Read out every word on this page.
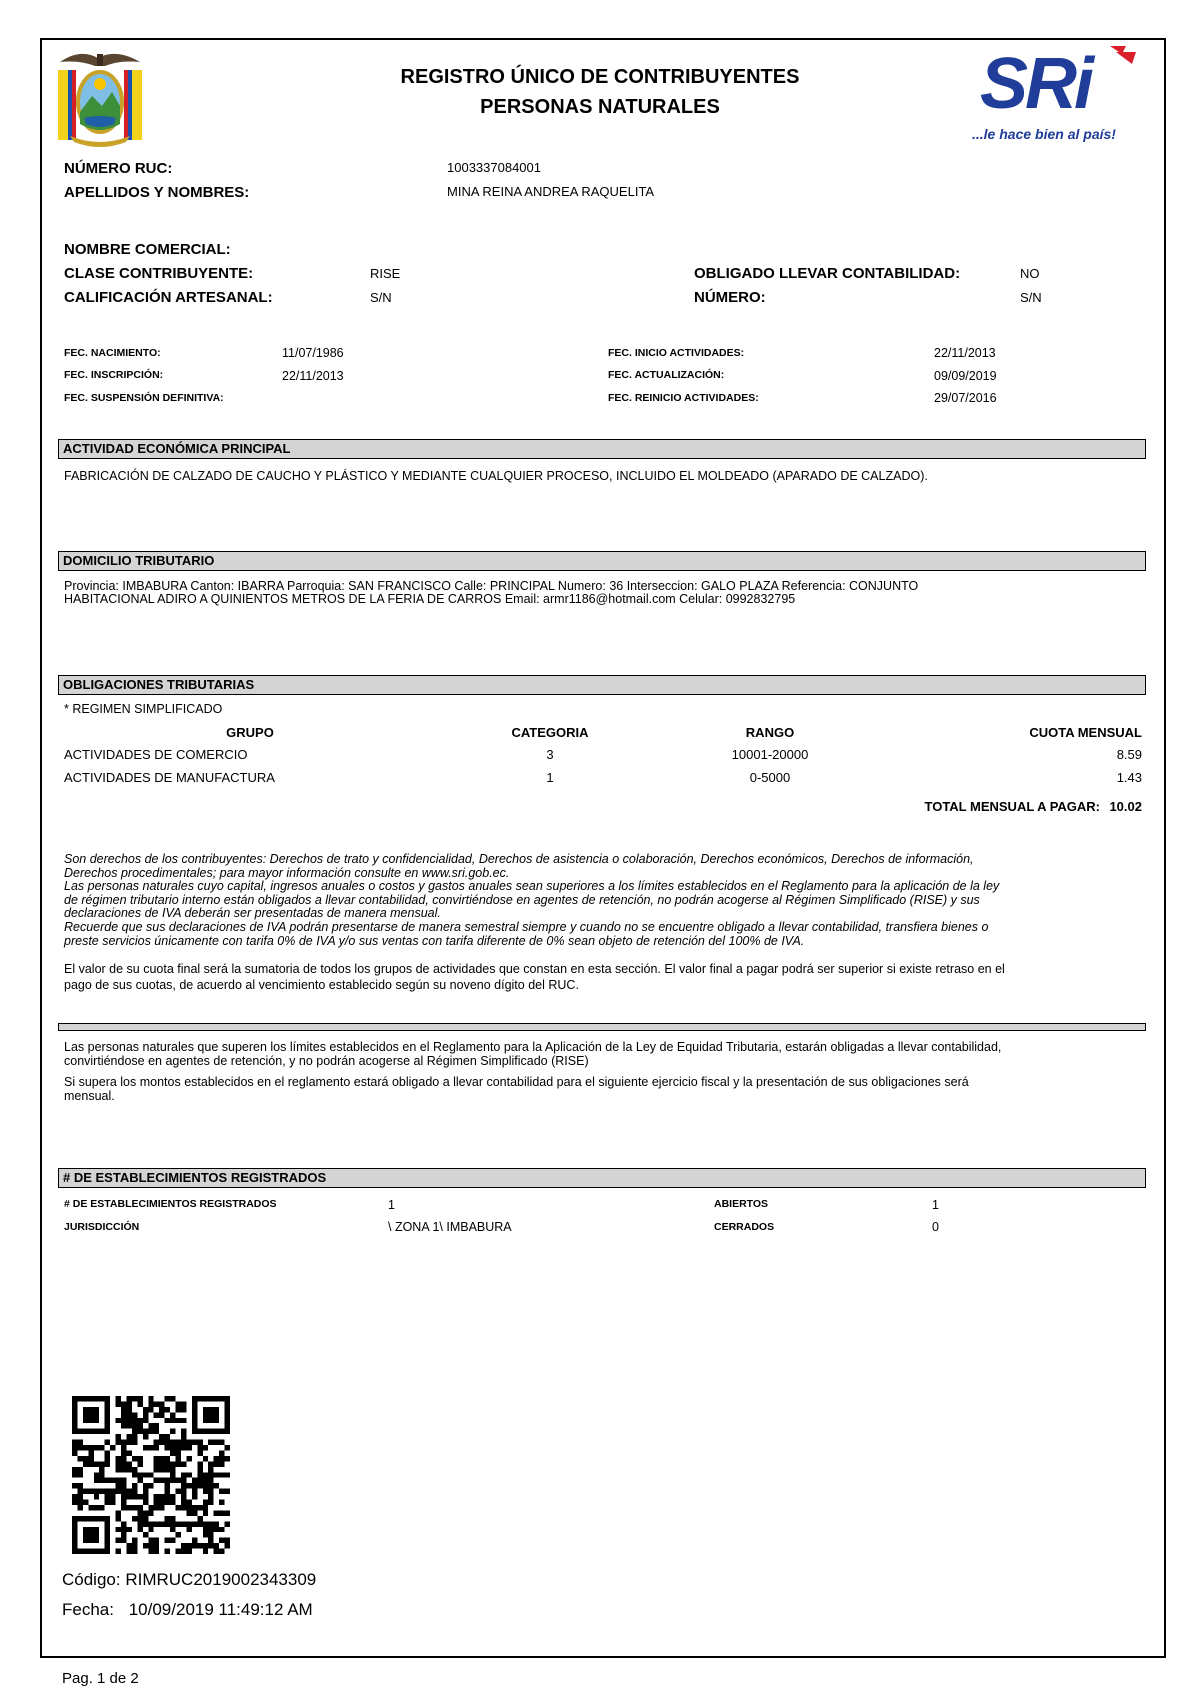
REGISTRO ÚNICO DE CONTRIBUYENTES
PERSONAS NATURALES	SRi
...le hace bien al país!
NÚMERO RUC:	1003337084001
APELLIDOS Y NOMBRES:	MINA REINA ANDREA RAQUELITA
NOMBRE COMERCIAL:
CLASE CONTRIBUYENTE:	RISE	OBLIGADO LLEVAR CONTABILIDAD:	NO
CALIFICACIÓN ARTESANAL:	S/N	NÚMERO:	S/N
FEC. NACIMIENTO:	11/07/1986	FEC. INICIO ACTIVIDADES:	22/11/2013
FEC. INSCRIPCIÓN:	22/11/2013	FEC. ACTUALIZACIÓN:	09/09/2019
FEC. SUSPENSIÓN DEFINITIVA:	FEC. REINICIO ACTIVIDADES:	29/07/2016
ACTIVIDAD ECONÓMICA PRINCIPAL
FABRICACIÓN DE CALZADO DE CAUCHO Y PLÁSTICO Y MEDIANTE CUALQUIER PROCESO, INCLUIDO EL MOLDEADO (APARADO DE CALZADO).
DOMICILIO TRIBUTARIO
Provincia: IMBABURA Canton: IBARRA Parroquia: SAN FRANCISCO Calle: PRINCIPAL Numero: 36 Interseccion: GALO PLAZA Referencia: CONJUNTO
HABITACIONAL ADIRO A QUINIENTOS METROS DE LA FERIA DE CARROS Email: armr1186@hotmail.com Celular: 0992832795
OBLIGACIONES TRIBUTARIAS
* REGIMEN SIMPLIFICADO
GRUPO	CATEGORIA	RANGO	CUOTA MENSUAL
ACTIVIDADES DE COMERCIO	3	10001-20000	8.59
ACTIVIDADES DE MANUFACTURA	1	0-5000	1.43
TOTAL MENSUAL A PAGAR: 10.02
Son derechos de los contribuyentes: Derechos de trato y confidencialidad, Derechos de asistencia o colaboración, Derechos económicos, Derechos de información,
Derechos procedimentales; para mayor información consulte en www.sri.gob.ec.
Las personas naturales cuyo capital, ingresos anuales o costos y gastos anuales sean superiores a los límites establecidos en el Reglamento para la aplicación de la ley
de régimen tributario interno están obligados a llevar contabilidad, convirtiéndose en agentes de retención, no podrán acogerse al Régimen Simplificado (RISE) y sus
declaraciones de IVA deberán ser presentadas de manera mensual.
Recuerde que sus declaraciones de IVA podrán presentarse de manera semestral siempre y cuando no se encuentre obligado a llevar contabilidad, transfiera bienes o
preste servicios únicamente con tarifa 0% de IVA y/o sus ventas con tarifa diferente de 0% sean objeto de retención del 100% de IVA.
El valor de su cuota final será la sumatoria de todos los grupos de actividades que constan en esta sección. El valor final a pagar podrá ser superior si existe retraso en el
pago de sus cuotas, de acuerdo al vencimiento establecido según su noveno dígito del RUC.
Las personas naturales que superen los límites establecidos en el Reglamento para la Aplicación de la Ley de Equidad Tributaria, estarán obligadas a llevar contabilidad,
convirtiéndose en agentes de retención, y no podrán acogerse al Régimen Simplificado (RISE)
Si supera los montos establecidos en el reglamento estará obligado a llevar contabilidad para el siguiente ejercicio fiscal y la presentación de sus obligaciones será
mensual.
# DE ESTABLECIMIENTOS REGISTRADOS
# DE ESTABLECIMIENTOS REGISTRADOS	1	ABIERTOS	1
JURISDICCIÓN	\ ZONA 1\ IMBABURA	CERRADOS	0
Código: RIMRUC2019002343309
Fecha: 10/09/2019 11:49:12 AM
Pag. 1 de 2
